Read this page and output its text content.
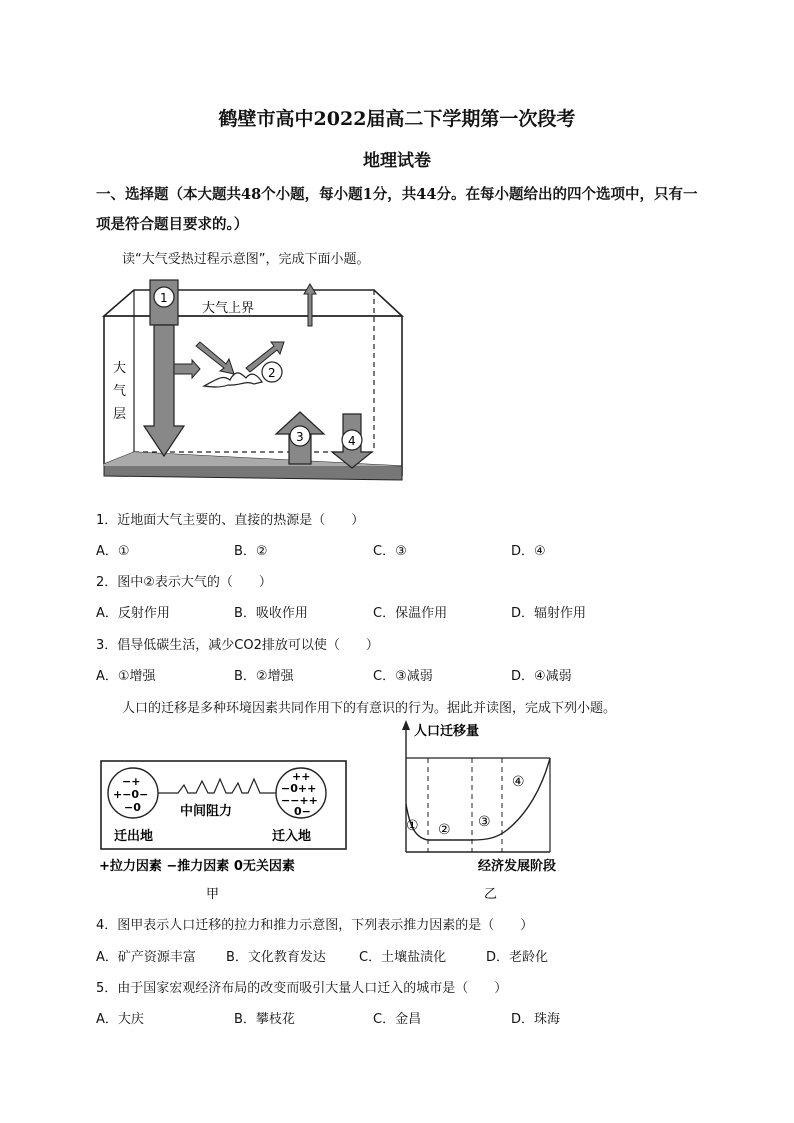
鹤壁市高中2022届高二下学期第一次段考
地理试卷
一、选择题（本大题共48个小题，每小题1分，共44分。在每小题给出的四个选项中，只有一项是符合题目要求的。）
读“大气受热过程示意图”，完成下面小题。
大气上界
大
气
层
1
2
3	4
1．近地面大气主要的、直接的热源是（　　）
A．①	B．②	C．③	D．④
2．图中②表示大气的（　　）
A．反射作用	B．吸收作用	C．保温作用	D．辐射作用
3．倡导低碳生活，减少CO2排放可以使（　　）
A．①增强	B．②增强	C．③减弱	D．④减弱
人口的迁移是多种环境因素共同作用下的有意识的行为。据此并读图，完成下列小题。
−+
+−0−
−0
++
−0++
−−++
0−
中间阻力
迁出地	迁入地
+拉力因素 −推力因素 0无关因素
甲
人口迁移量
① ② ③
④
经济发展阶段
乙
4．图甲表示人口迁移的拉力和推力示意图，下列表示推力因素的是（　　）
A．矿产资源丰富 B．文化教育发达	C．土壤盐渍化	D．老龄化
5．由于国家宏观经济布局的改变而吸引大量人口迁入的城市是（　　）
A．大庆	B．攀枝花	C．金昌	D．珠海
